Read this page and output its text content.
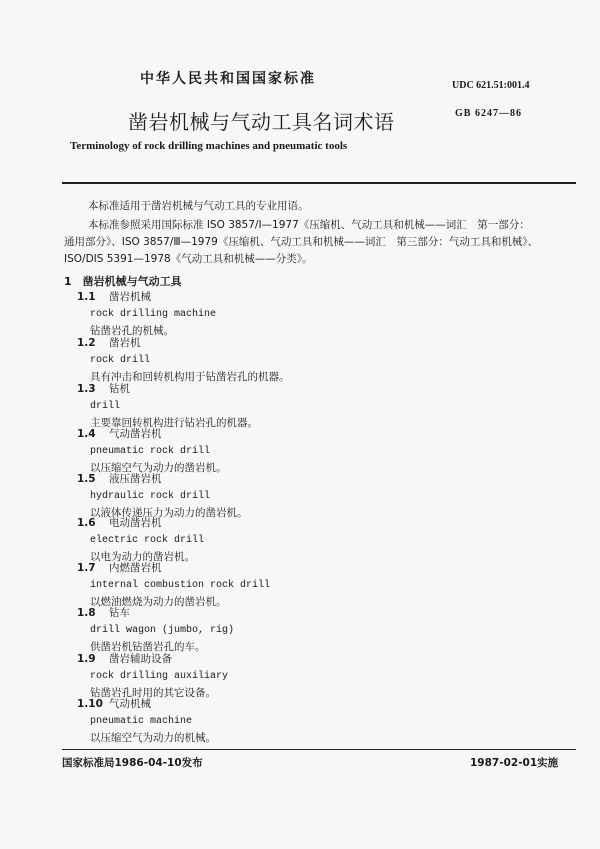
中华人民共和国国家标准	UDC 621.51:001.4
凿岩机械与气动工具名词术语	GB 6247—86
Terminology of rock drilling machines and pneumatic tools
本标准适用于凿岩机械与气动工具的专业用语。
本标准参照采用国际标准 ISO 3857/Ⅰ—1977《压缩机、气动工具和机械——词汇　第一部分：
通用部分》、ISO 3857/Ⅲ—1979《压缩机、气动工具和机械——词汇　第三部分：气动工具和机械》、
ISO/DIS 5391—1978《气动工具和机械——分类》。
1　凿岩机械与气动工具
1.1 凿岩机械
rock drilling machine
钻凿岩孔的机械。
1.2 凿岩机
rock drill
具有冲击和回转机构用于钻凿岩孔的机器。
1.3 钻机
drill
主要靠回转机构进行钻岩孔的机器。
1.4 气动凿岩机
pneumatic rock drill
以压缩空气为动力的凿岩机。
1.5 液压凿岩机
hydraulic rock drill
以液体传递压力为动力的凿岩机。
1.6 电动凿岩机
electric rock drill
以电为动力的凿岩机。
1.7 内燃凿岩机
internal combustion rock drill
以燃油燃烧为动力的凿岩机。
1.8 钻车
drill wagon (jumbo, rig)
供凿岩机钻凿岩孔的车。
1.9 凿岩辅助设备
rock drilling auxiliary
钻凿岩孔时用的其它设备。
1.10 气动机械
pneumatic machine
以压缩空气为动力的机械。
国家标准局1986-04-10发布	1987-02-01实施
